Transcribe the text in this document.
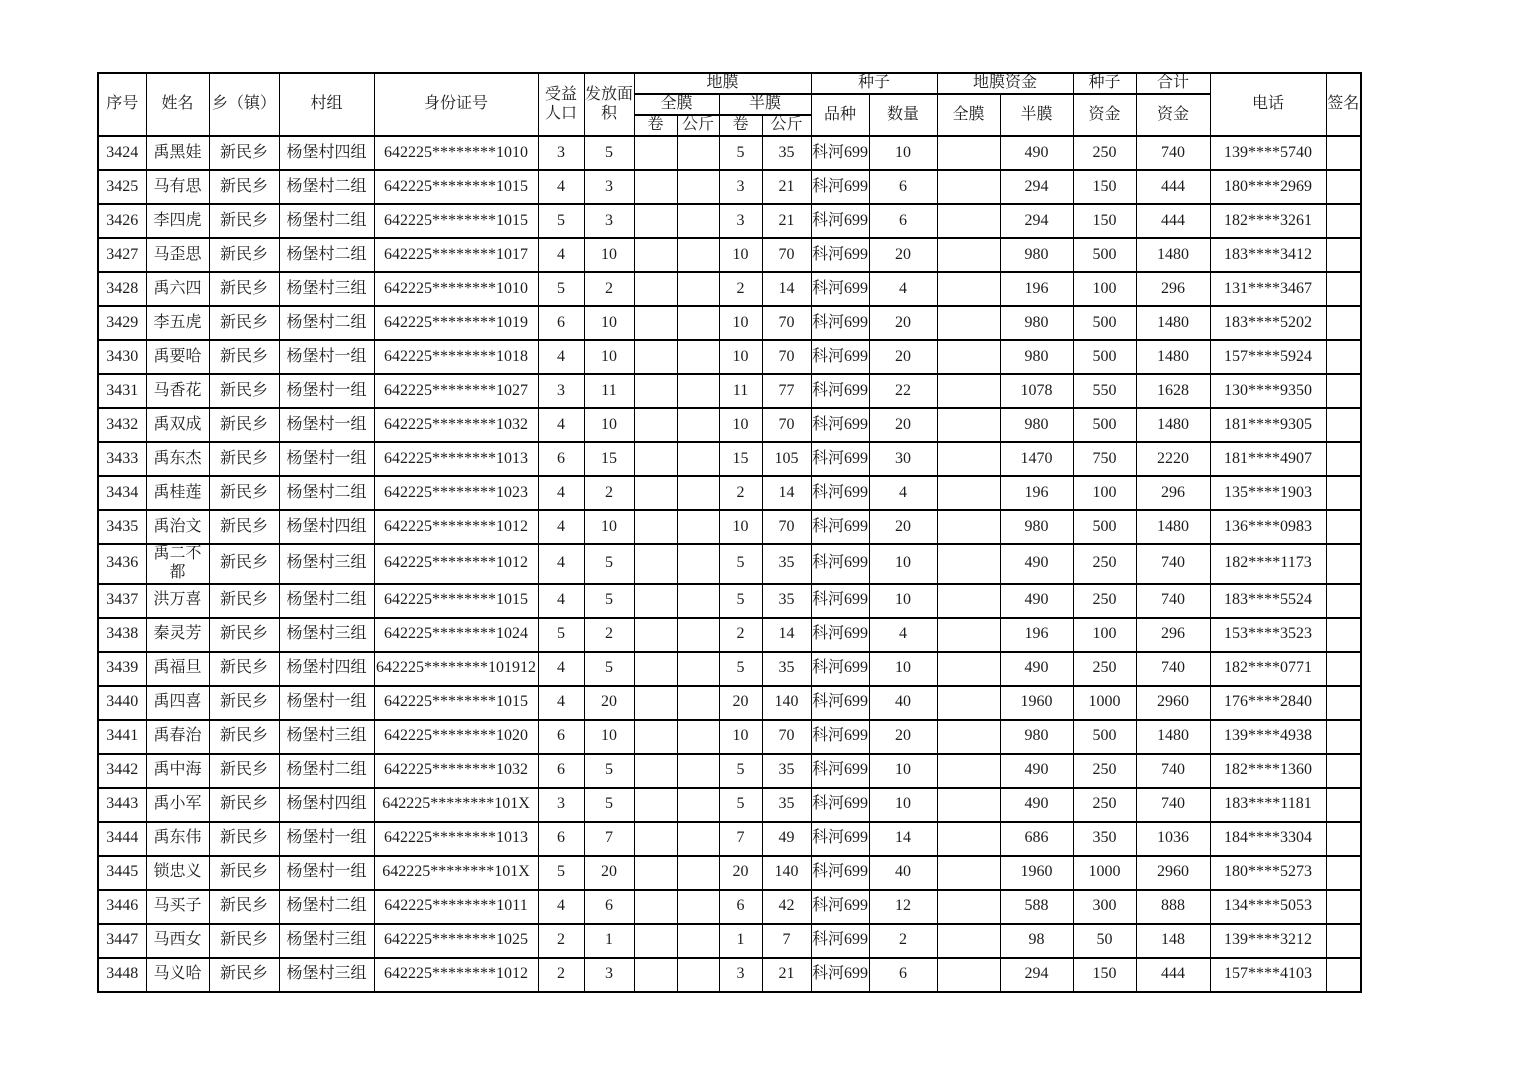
序号	姓名	乡（镇）	村组	身份证号	受益人口	发放面积	地膜				种子		地膜资金		种子	合计	电话	签名
							全膜		半膜		品种	数量	全膜	半膜	资金	资金		
							卷	公斤	卷	公斤								
3424	禹黑娃	新民乡	杨堡村四组	642225********1010	3	5			5	35	科河699	10		490	250	740	139****5740	
3425	马有思	新民乡	杨堡村二组	642225********1015	4	3			3	21	科河699	6		294	150	444	180****2969	
3426	李四虎	新民乡	杨堡村二组	642225********1015	5	3			3	21	科河699	6		294	150	444	182****3261	
3427	马歪思	新民乡	杨堡村二组	642225********1017	4	10			10	70	科河699	20		980	500	1480	183****3412	
3428	禹六四	新民乡	杨堡村三组	642225********1010	5	2			2	14	科河699	4		196	100	296	131****3467	
3429	李五虎	新民乡	杨堡村二组	642225********1019	6	10			10	70	科河699	20		980	500	1480	183****5202	
3430	禹要哈	新民乡	杨堡村一组	642225********1018	4	10			10	70	科河699	20		980	500	1480	157****5924	
3431	马香花	新民乡	杨堡村一组	642225********1027	3	11			11	77	科河699	22		1078	550	1628	130****9350	
3432	禹双成	新民乡	杨堡村一组	642225********1032	4	10			10	70	科河699	20		980	500	1480	181****9305	
3433	禹东杰	新民乡	杨堡村一组	642225********1013	6	15			15	105	科河699	30		1470	750	2220	181****4907	
3434	禹桂莲	新民乡	杨堡村二组	642225********1023	4	2			2	14	科河699	4		196	100	296	135****1903	
3435	禹治文	新民乡	杨堡村四组	642225********1012	4	10			10	70	科河699	20		980	500	1480	136****0983	
3436	禹二不都	新民乡	杨堡村三组	642225********1012	4	5			5	35	科河699	10		490	250	740	182****1173	
3437	洪万喜	新民乡	杨堡村二组	642225********1015	4	5			5	35	科河699	10		490	250	740	183****5524	
3438	秦灵芳	新民乡	杨堡村三组	642225********1024	5	2			2	14	科河699	4		196	100	296	153****3523	
3439	禹福旦	新民乡	杨堡村四组	642225********101912	4	5			5	35	科河699	10		490	250	740	182****0771	
3440	禹四喜	新民乡	杨堡村一组	642225********1015	4	20			20	140	科河699	40		1960	1000	2960	176****2840	
3441	禹春治	新民乡	杨堡村三组	642225********1020	6	10			10	70	科河699	20		980	500	1480	139****4938	
3442	禹中海	新民乡	杨堡村二组	642225********1032	6	5			5	35	科河699	10		490	250	740	182****1360	
3443	禹小军	新民乡	杨堡村四组	642225********101X	3	5			5	35	科河699	10		490	250	740	183****1181	
3444	禹东伟	新民乡	杨堡村一组	642225********1013	6	7			7	49	科河699	14		686	350	1036	184****3304	
3445	锁忠义	新民乡	杨堡村一组	642225********101X	5	20			20	140	科河699	40		1960	1000	2960	180****5273	
3446	马买子	新民乡	杨堡村二组	642225********1011	4	6			6	42	科河699	12		588	300	888	134****5053	
3447	马西女	新民乡	杨堡村三组	642225********1025	2	1			1	7	科河699	2		98	50	148	139****3212	
3448	马义哈	新民乡	杨堡村三组	642225********1012	2	3			3	21	科河699	6		294	150	444	157****4103	
